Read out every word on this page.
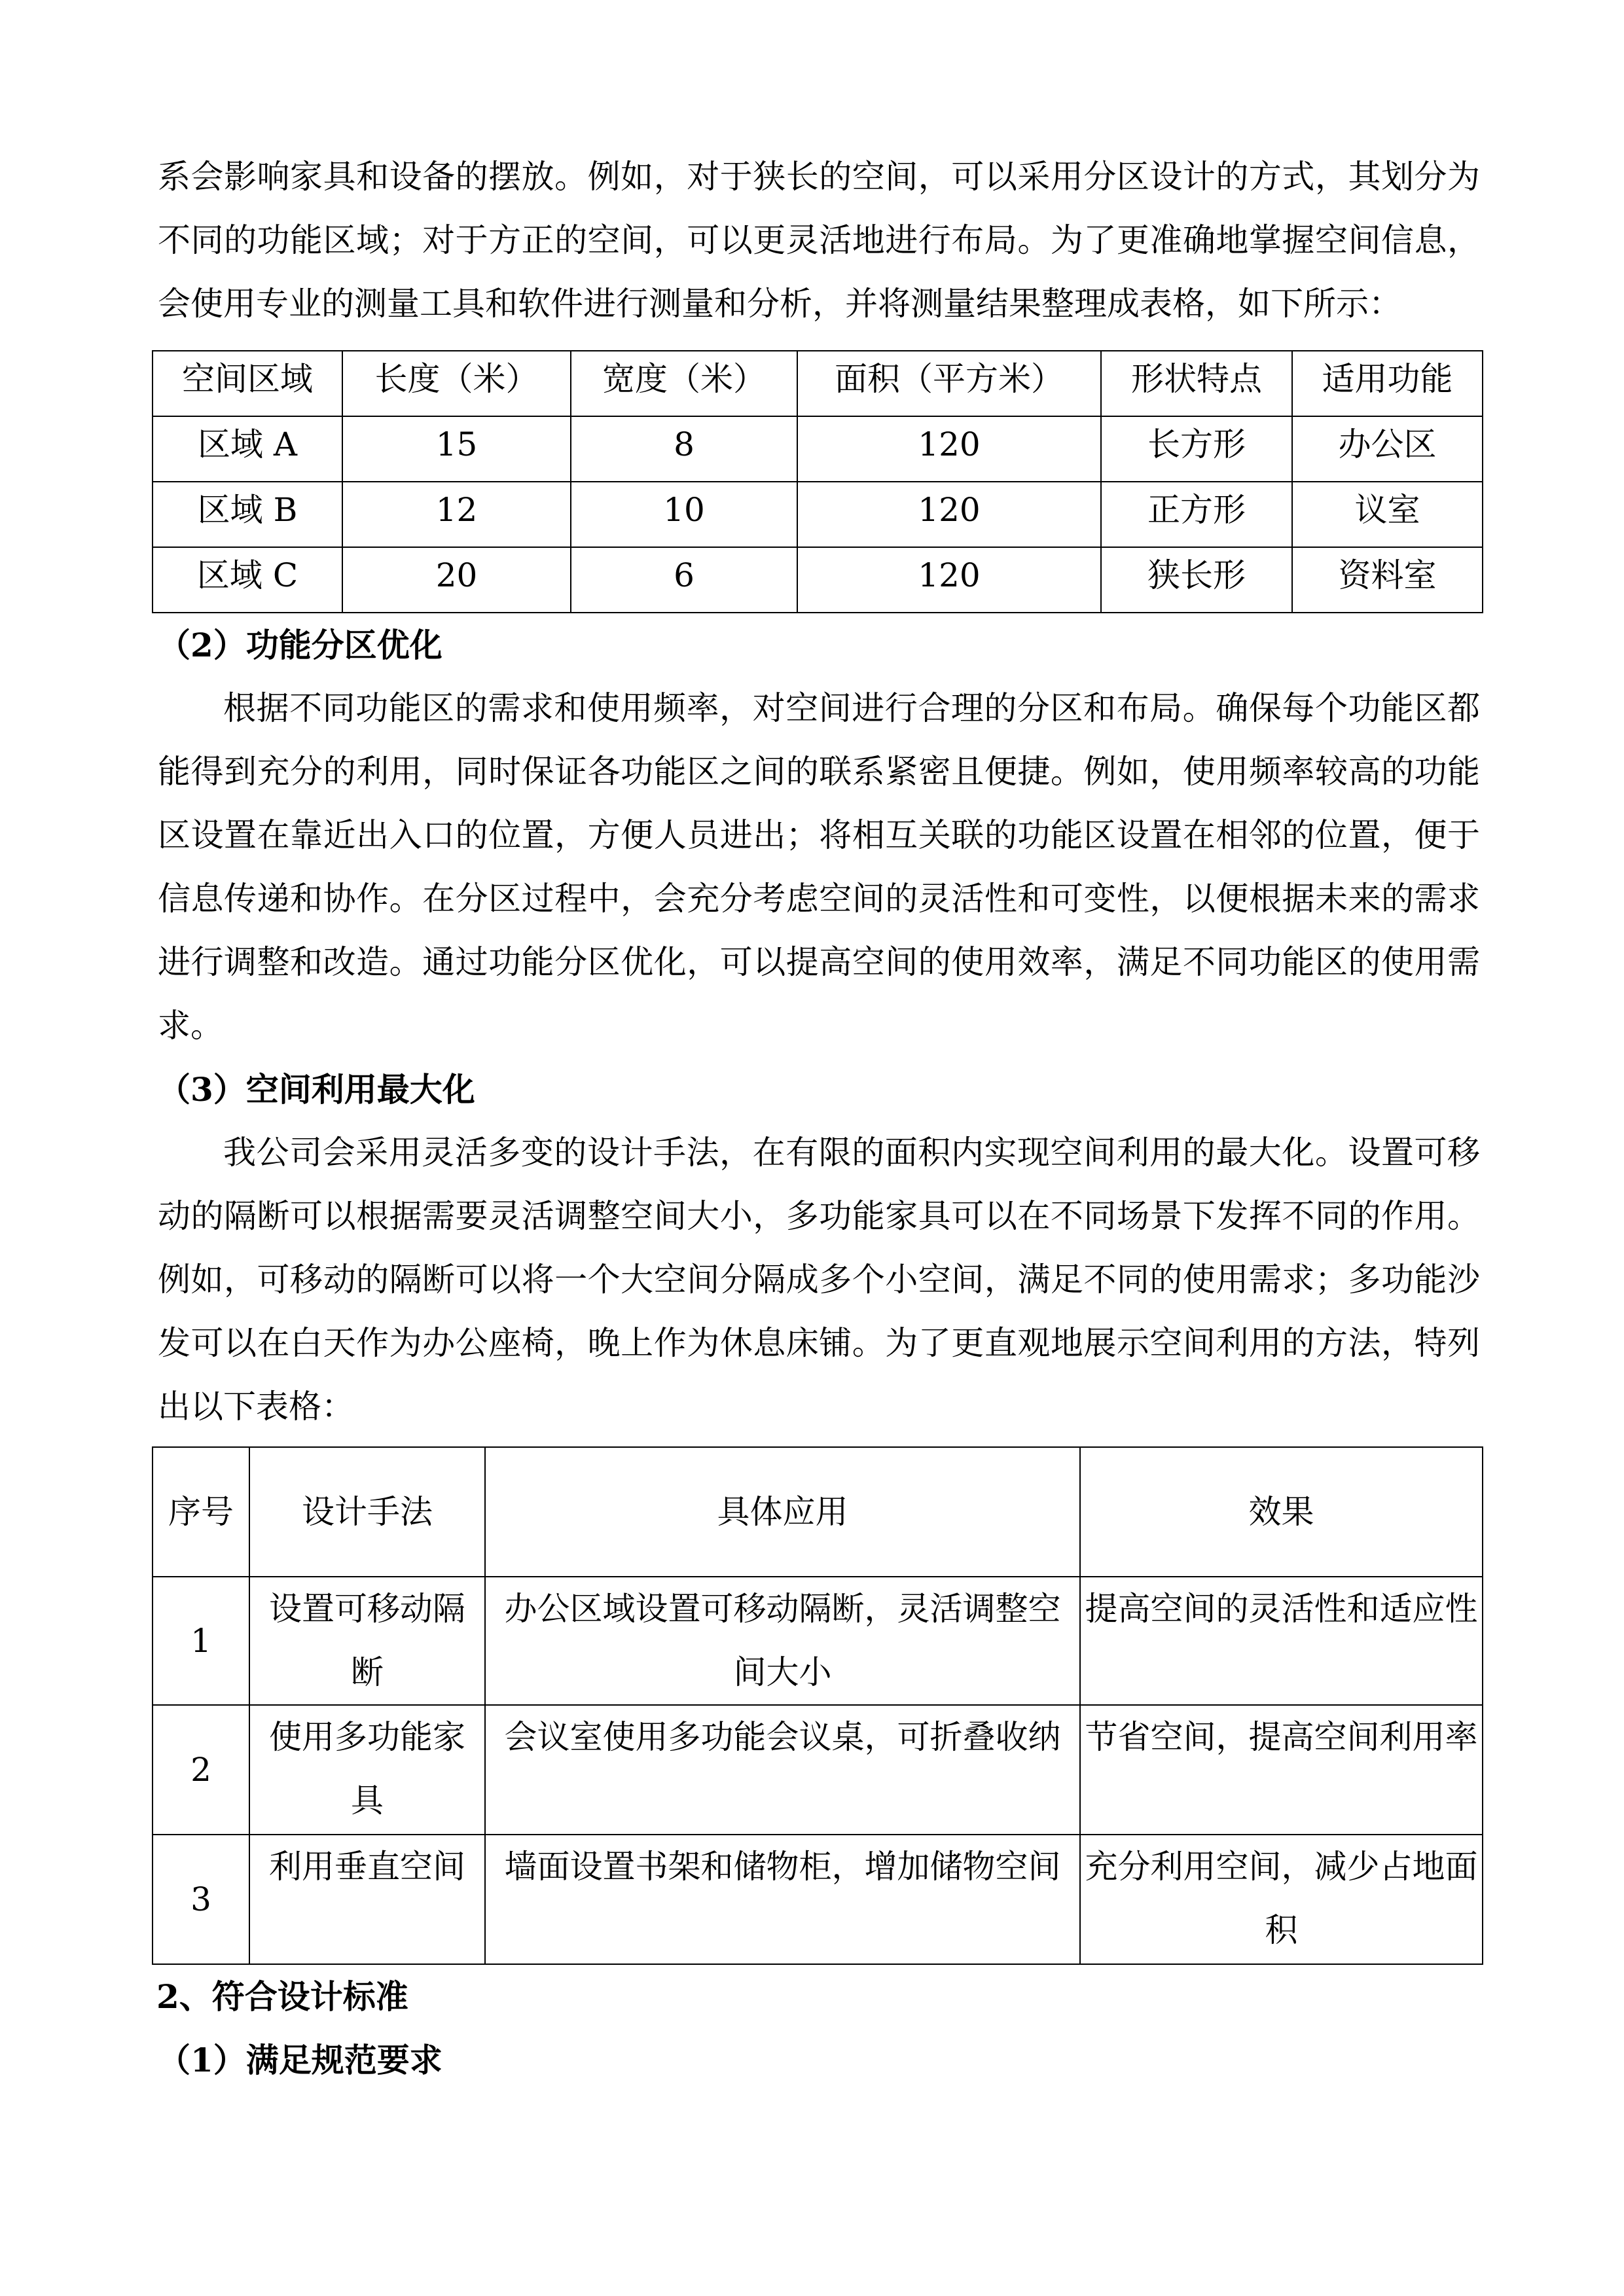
系会影响家具和设备的摆放。例如，对于狭长的空间，可以采用分区设计的方式，其划分为不同的功能区域；对于方正的空间，可以更灵活地进行布局。为了更准确地掌握空间信息，会使用专业的测量工具和软件进行测量和分析，并将测量结果整理成表格，如下所示：

空间区域	长度（米）	宽度（米）	面积（平方米）	形状特点	适用功能
区域 A	15	8	120	长方形	办公区
区域 B	12	10	120	正方形	议室
区域 C	20	6	120	狭长形	资料室
（2）功能分区优化

根据不同功能区的需求和使用频率，对空间进行合理的分区和布局。确保每个功能区都能得到充分的利用，同时保证各功能区之间的联系紧密且便捷。例如，使用频率较高的功能区设置在靠近出入口的位置，方便人员进出；将相互关联的功能区设置在相邻的位置，便于信息传递和协作。在分区过程中，会充分考虑空间的灵活性和可变性，以便根据未来的需求进行调整和改造。通过功能分区优化，可以提高空间的使用效率，满足不同功能区的使用需求。

（3）空间利用最大化

我公司会采用灵活多变的设计手法，在有限的面积内实现空间利用的最大化。设置可移动的隔断可以根据需要灵活调整空间大小，多功能家具可以在不同场景下发挥不同的作用。例如，可移动的隔断可以将一个大空间分隔成多个小空间，满足不同的使用需求；多功能沙发可以在白天作为办公座椅，晚上作为休息床铺。为了更直观地展示空间利用的方法，特列出以下表格：

序号	设计手法	具体应用	效果
1	设置可移动隔断	办公区域设置可移动隔断，灵活调整空间大小	提高空间的灵活性和适应性
2	使用多功能家具	会议室使用多功能会议桌，可折叠收纳	节省空间，提高空间利用率
3	利用垂直空间	墙面设置书架和储物柜，增加储物空间	充分利用空间，减少占地面积
2、符合设计标准
（1）满足规范要求
